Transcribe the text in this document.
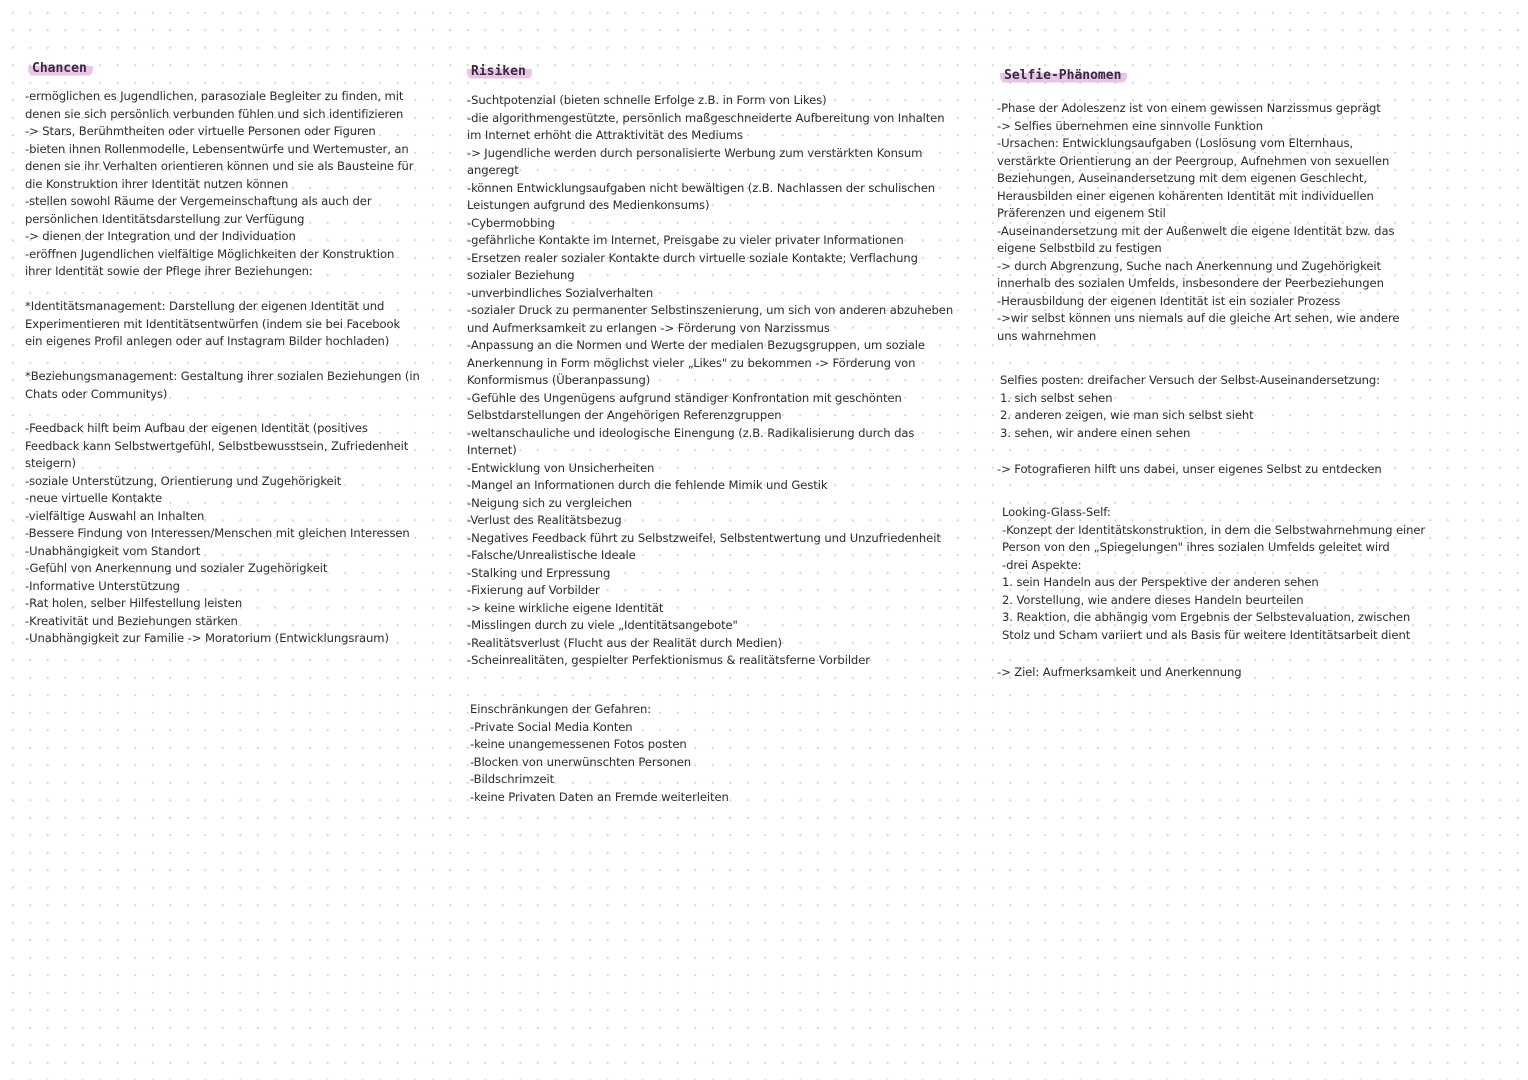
Chancen
-ermöglichen es Jugendlichen, parasoziale Begleiter zu finden, mit
denen sie sich persönlich verbunden fühlen und sich identifizieren
-> Stars, Berühmtheiten oder virtuelle Personen oder Figuren
-bieten ihnen Rollenmodelle, Lebensentwürfe und Wertemuster, an
denen sie ihr Verhalten orientieren können und sie als Bausteine für
die Konstruktion ihrer Identität nutzen können
-stellen sowohl Räume der Vergemeinschaftung als auch der
persönlichen Identitätsdarstellung zur Verfügung
-> dienen der Integration und der Individuation
-eröffnen Jugendlichen vielfältige Möglichkeiten der Konstruktion
ihrer Identität sowie der Pflege ihrer Beziehungen:
*Identitätsmanagement: Darstellung der eigenen Identität und
Experimentieren mit Identitätsentwürfen (indem sie bei Facebook
ein eigenes Profil anlegen oder auf Instagram Bilder hochladen)
*Beziehungsmanagement: Gestaltung ihrer sozialen Beziehungen (in
Chats oder Communitys)
-Feedback hilft beim Aufbau der eigenen Identität (positives
Feedback kann Selbstwertgefühl, Selbstbewusstsein, Zufriedenheit
steigern)
-soziale Unterstützung, Orientierung und Zugehörigkeit
-neue virtuelle Kontakte
-vielfältige Auswahl an Inhalten
-Bessere Findung von Interessen/Menschen mit gleichen Interessen
-Unabhängigkeit vom Standort
-Gefühl von Anerkennung und sozialer Zugehörigkeit
-Informative Unterstützung
-Rat holen, selber Hilfestellung leisten
-Kreativität und Beziehungen stärken
-Unabhängigkeit zur Familie -> Moratorium (Entwicklungsraum)
Risiken
-Suchtpotenzial (bieten schnelle Erfolge z.B. in Form von Likes)
-die algorithmengestützte, persönlich maßgeschneiderte Aufbereitung von Inhalten
im Internet erhöht die Attraktivität des Mediums
-> Jugendliche werden durch personalisierte Werbung zum verstärkten Konsum
angeregt
-können Entwicklungsaufgaben nicht bewältigen (z.B. Nachlassen der schulischen
Leistungen aufgrund des Medienkonsums)
-Cybermobbing
-gefährliche Kontakte im Internet, Preisgabe zu vieler privater Informationen
-Ersetzen realer sozialer Kontakte durch virtuelle soziale Kontakte; Verflachung
sozialer Beziehung
-unverbindliches Sozialverhalten
-sozialer Druck zu permanenter Selbstinszenierung, um sich von anderen abzuheben
und Aufmerksamkeit zu erlangen -> Förderung von Narzissmus
-Anpassung an die Normen und Werte der medialen Bezugsgruppen, um soziale
Anerkennung in Form möglichst vieler „Likes" zu bekommen -> Förderung von
Konformismus (Überanpassung)
-Gefühle des Ungenügens aufgrund ständiger Konfrontation mit geschönten
Selbstdarstellungen der Angehörigen Referenzgruppen
-weltanschauliche und ideologische Einengung (z.B. Radikalisierung durch das
Internet)
-Entwicklung von Unsicherheiten
-Mangel an Informationen durch die fehlende Mimik und Gestik
-Neigung sich zu vergleichen
-Verlust des Realitätsbezug
-Negatives Feedback führt zu Selbstzweifel, Selbstentwertung und Unzufriedenheit
-Falsche/Unrealistische Ideale
-Stalking und Erpressung
-Fixierung auf Vorbilder
-> keine wirkliche eigene Identität
-Misslingen durch zu viele „Identitätsangebote"
-Realitätsverlust (Flucht aus der Realität durch Medien)
-Scheinrealitäten, gespielter Perfektionismus & realitätsferne Vorbilder
Einschränkungen der Gefahren:
-Private Social Media Konten
-keine unangemessenen Fotos posten
-Blocken von unerwünschten Personen
-Bildschrimzeit
-keine Privaten Daten an Fremde weiterleiten
Selfie-Phänomen
-Phase der Adoleszenz ist von einem gewissen Narzissmus geprägt
-> Selfies übernehmen eine sinnvolle Funktion
-Ursachen: Entwicklungsaufgaben (Loslösung vom Elternhaus,
verstärkte Orientierung an der Peergroup, Aufnehmen von sexuellen
Beziehungen, Auseinandersetzung mit dem eigenen Geschlecht,
Herausbilden einer eigenen kohärenten Identität mit individuellen
Präferenzen und eigenem Stil
-Auseinandersetzung mit der Außenwelt die eigene Identität bzw. das
eigene Selbstbild zu festigen
-> durch Abgrenzung, Suche nach Anerkennung und Zugehörigkeit
innerhalb des sozialen Umfelds, insbesondere der Peerbeziehungen
-Herausbildung der eigenen Identität ist ein sozialer Prozess
->wir selbst können uns niemals auf die gleiche Art sehen, wie andere
uns wahrnehmen
Selfies posten: dreifacher Versuch der Selbst-Auseinandersetzung:
1. sich selbst sehen
2. anderen zeigen, wie man sich selbst sieht
3. sehen, wir andere einen sehen
-> Fotografieren hilft uns dabei, unser eigenes Selbst zu entdecken
Looking-Glass-Self:
-Konzept der Identitätskonstruktion, in dem die Selbstwahrnehmung einer
Person von den „Spiegelungen" ihres sozialen Umfelds geleitet wird
-drei Aspekte:
1. sein Handeln aus der Perspektive der anderen sehen
2. Vorstellung, wie andere dieses Handeln beurteilen
3. Reaktion, die abhängig vom Ergebnis der Selbstevaluation, zwischen
Stolz und Scham variiert und als Basis für weitere Identitätsarbeit dient
-> Ziel: Aufmerksamkeit und Anerkennung
